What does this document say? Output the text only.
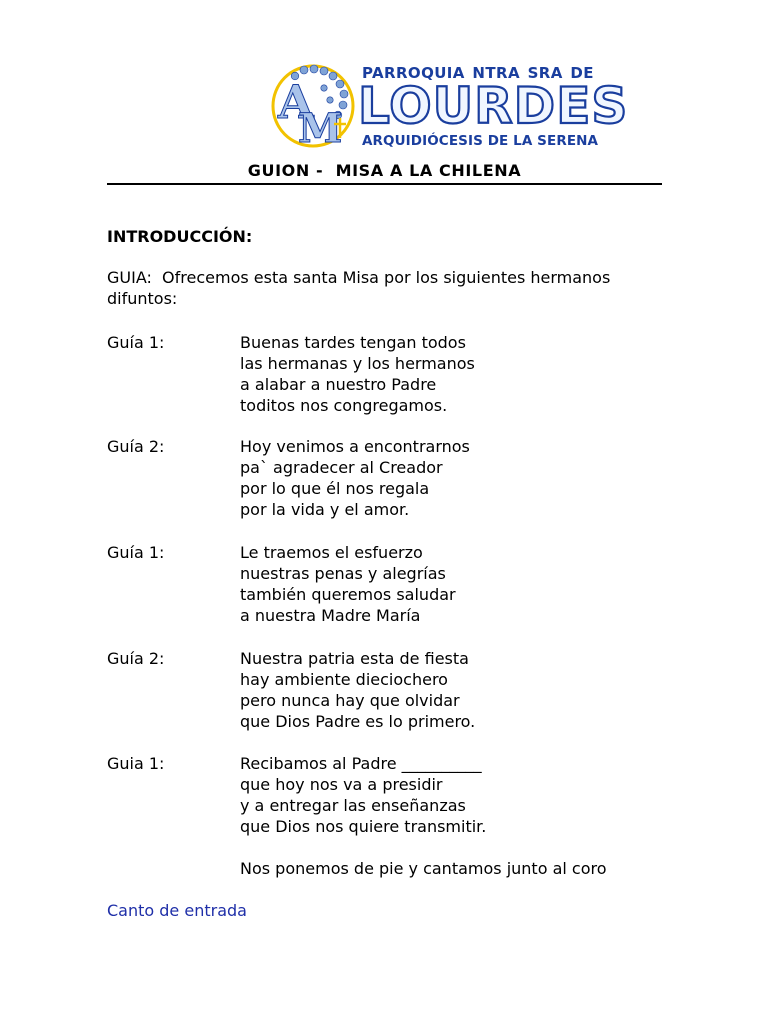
A
M
PARROQUIA NTRA SRA DE
LOURDES
ARQUIDIÓCESIS DE LA SERENA
GUION -  MISA A LA CHILENA
INTRODUCCIÓN:
GUIA:  Ofrecemos esta santa Misa por los siguientes hermanos difuntos:
Guía 1:	Buenas tardes tengan todos
las hermanas y los hermanos
a alabar a nuestro Padre
toditos nos congregamos.
Guía 2:	Hoy venimos a encontrarnos
pa` agradecer al Creador
por lo que él nos regala
por la vida y el amor.
Guía 1:	Le traemos el esfuerzo
nuestras penas y alegrías
también queremos saludar
a nuestra Madre María
Guía 2:	Nuestra patria esta de fiesta
hay ambiente dieciochero
pero nunca hay que olvidar
que Dios Padre es lo primero.
Guia 1:	Recibamos al Padre __________
que hoy nos va a presidir
y a entregar las enseñanzas
que Dios nos quiere transmitir.
Nos ponemos de pie y cantamos junto al coro
Canto de entrada
